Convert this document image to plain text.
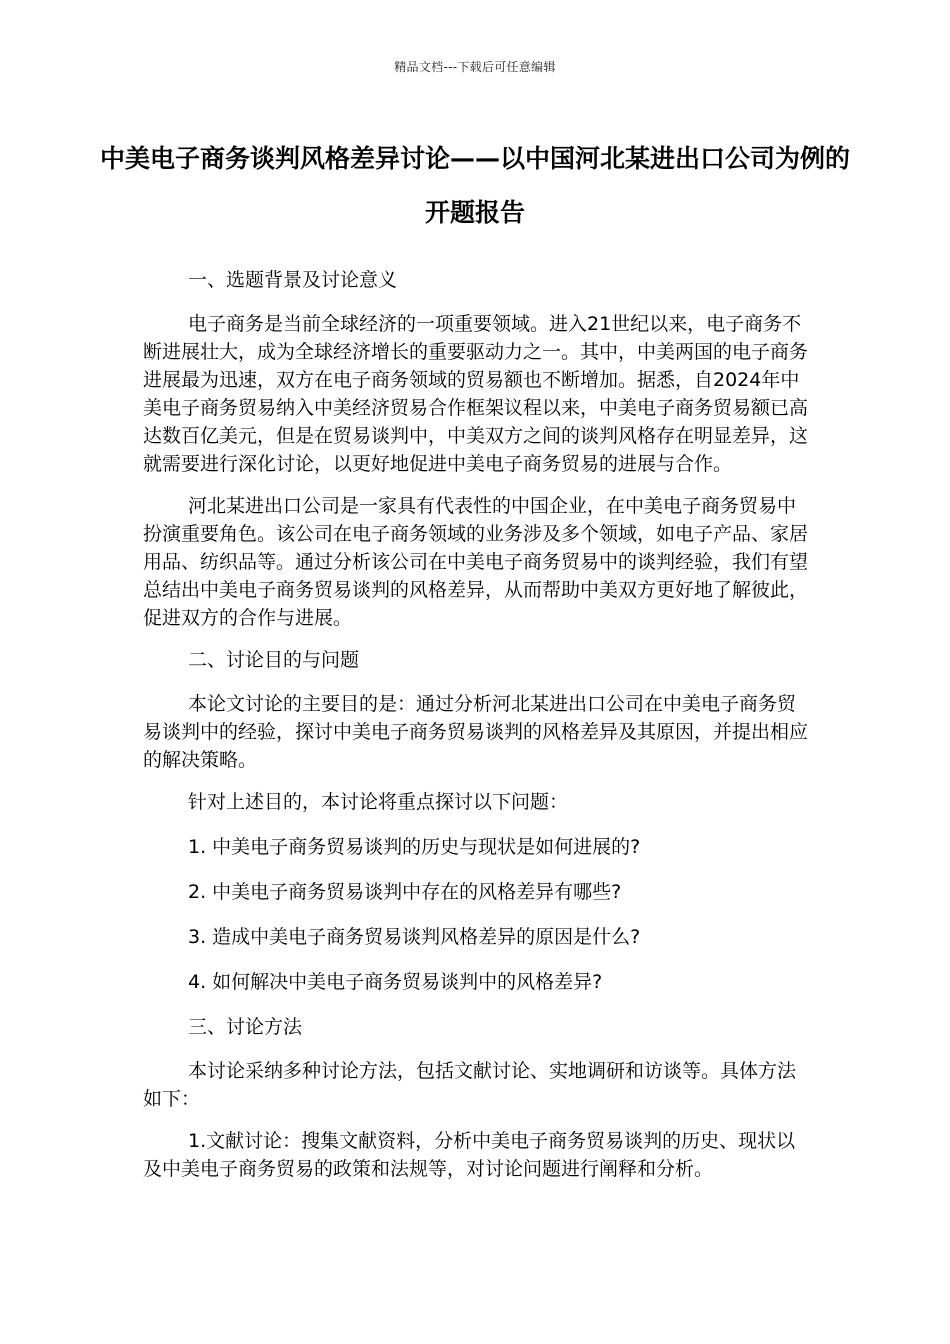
精品文档---下载后可任意编辑
中美电子商务谈判风格差异讨论——以中国河北某进出口公司为例的开题报告

一、选题背景及讨论意义

电子商务是当前全球经济的一项重要领域。进入21世纪以来，电子商务不断进展壮大，成为全球经济增长的重要驱动力之一。其中，中美两国的电子商务进展最为迅速，双方在电子商务领域的贸易额也不断增加。据悉，自2024年中美电子商务贸易纳入中美经济贸易合作框架议程以来，中美电子商务贸易额已高达数百亿美元，但是在贸易谈判中，中美双方之间的谈判风格存在明显差异，这就需要进行深化讨论，以更好地促进中美电子商务贸易的进展与合作。

河北某进出口公司是一家具有代表性的中国企业，在中美电子商务贸易中扮演重要角色。该公司在电子商务领域的业务涉及多个领域，如电子产品、家居用品、纺织品等。通过分析该公司在中美电子商务贸易中的谈判经验，我们有望总结出中美电子商务贸易谈判的风格差异，从而帮助中美双方更好地了解彼此，促进双方的合作与进展。

二、讨论目的与问题

本论文讨论的主要目的是：通过分析河北某进出口公司在中美电子商务贸易谈判中的经验，探讨中美电子商务贸易谈判的风格差异及其原因，并提出相应的解决策略。

针对上述目的，本讨论将重点探讨以下问题：

1. 中美电子商务贸易谈判的历史与现状是如何进展的?

2. 中美电子商务贸易谈判中存在的风格差异有哪些?

3. 造成中美电子商务贸易谈判风格差异的原因是什么?

4. 如何解决中美电子商务贸易谈判中的风格差异?

三、讨论方法

本讨论采纳多种讨论方法，包括文献讨论、实地调研和访谈等。具体方法如下：

1.文献讨论：搜集文献资料，分析中美电子商务贸易谈判的历史、现状以及中美电子商务贸易的政策和法规等，对讨论问题进行阐释和分析。
